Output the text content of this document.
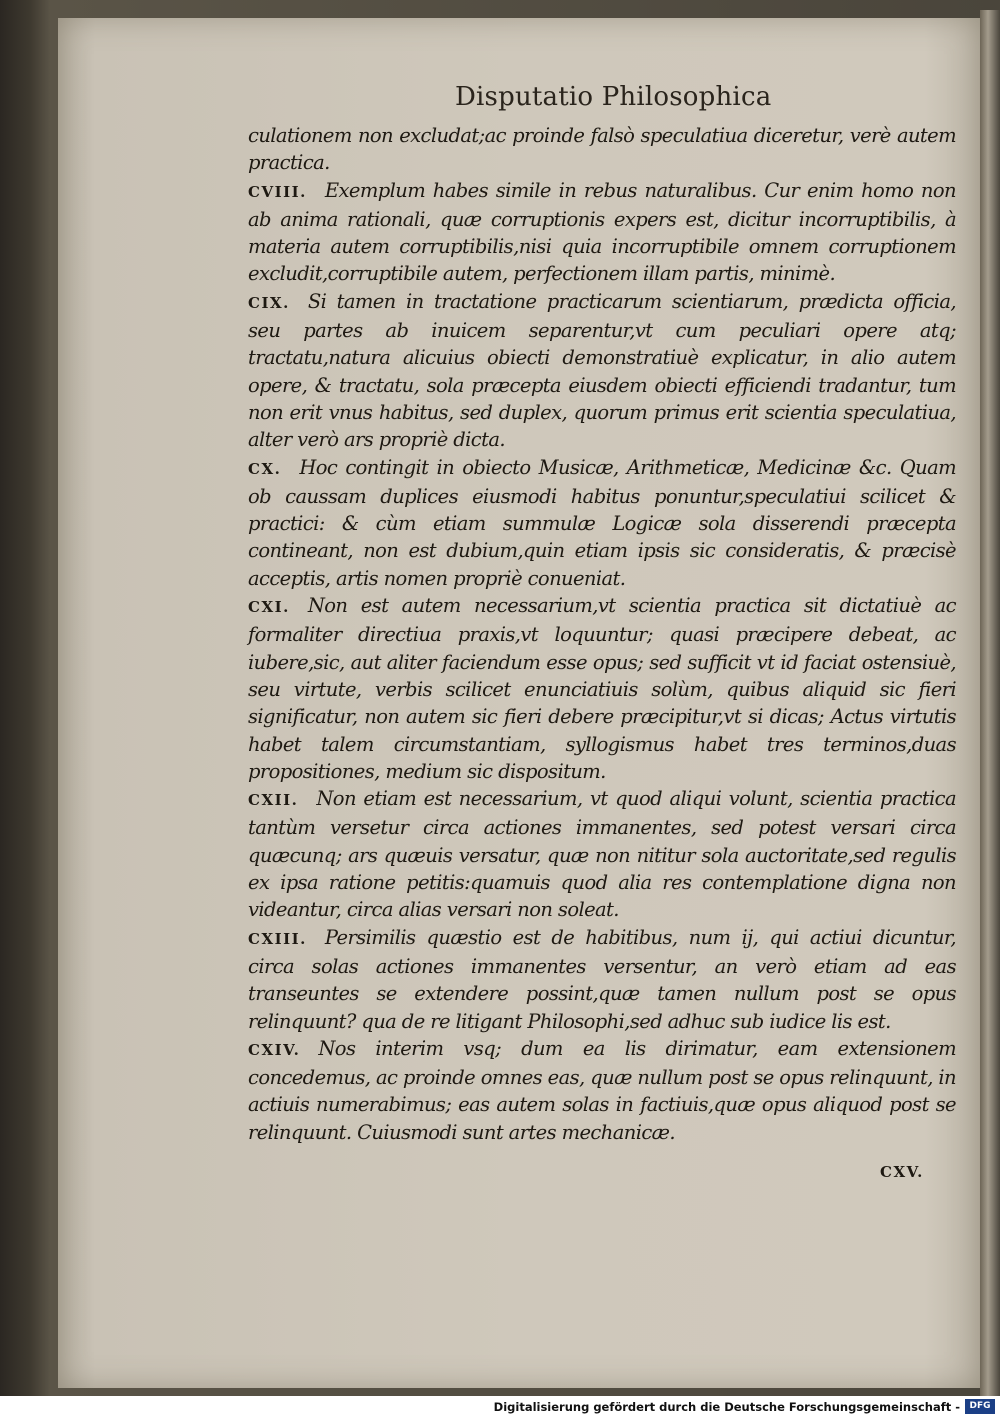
Disputatio Philosophica

culationem non excludat;ac proinde falsò speculatiua diceretur, verè autem practica.

CVIII. Exemplum habes simile in rebus naturalibus. Cur enim homo non ab anima rationali, quæ corruptionis expers est, dicitur incorruptibilis, à materia autem corruptibilis,nisi quia incorruptibile omnem corruptionem excludit,corruptibile autem, perfectionem illam partis, minimè.

CIX. Si tamen in tractatione practicarum scientiarum, prædicta officia, seu partes ab inuicem separentur,vt cum peculiari opere atq; tractatu,natura alicuius obiecti demonstratiuè explicatur, in alio autem opere, & tractatu, sola præcepta eiusdem obiecti efficiendi tradantur, tum non erit vnus habitus, sed duplex, quorum primus erit scientia speculatiua, alter verò ars propriè dicta.

CX. Hoc contingit in obiecto Musicæ, Arithmeticæ, Medicinæ &c. Quam ob caussam duplices eiusmodi habitus ponuntur,speculatiui scilicet & practici: & cùm etiam summulæ Logicæ sola disserendi præcepta contineant, non est dubium,quin etiam ipsis sic consideratis, & præcisè acceptis, artis nomen propriè conueniat.

CXI. Non est autem necessarium,vt scientia practica sit dictatiuè ac formaliter directiua praxis,vt loquuntur; quasi præcipere debeat, ac iubere,sic, aut aliter faciendum esse opus; sed sufficit vt id faciat ostensiuè, seu virtute, verbis scilicet enunciatiuis solùm, quibus aliquid sic fieri significatur, non autem sic fieri debere præcipitur,vt si dicas; Actus virtutis habet talem circumstantiam, syllogismus habet tres terminos,duas propositiones, medium sic dispositum.

CXII. Non etiam est necessarium, vt quod aliqui volunt, scientia practica tantùm versetur circa actiones immanentes, sed potest versari circa quæcunq; ars quæuis versatur, quæ non nititur sola auctoritate,sed regulis ex ipsa ratione petitis:quamuis quod alia res contemplatione digna non videantur, circa alias versari non soleat.

CXIII. Persimilis quæstio est de habitibus, num ij, qui actiui dicuntur, circa solas actiones immanentes versentur, an verò etiam ad eas transeuntes se extendere possint,quæ tamen nullum post se opus relinquunt? qua de re litigant Philosophi,sed adhuc sub iudice lis est.

CXIV. Nos interim vsq; dum ea lis dirimatur, eam extensionem concedemus, ac proinde omnes eas, quæ nullum post se opus relinquunt, in actiuis numerabimus; eas autem solas in factiuis,quæ opus aliquod post se relinquunt. Cuiusmodi sunt artes mechanicæ.

CXV.
Digitalisierung gefördert durch die Deutsche Forschungsgemeinschaft -	DFG
